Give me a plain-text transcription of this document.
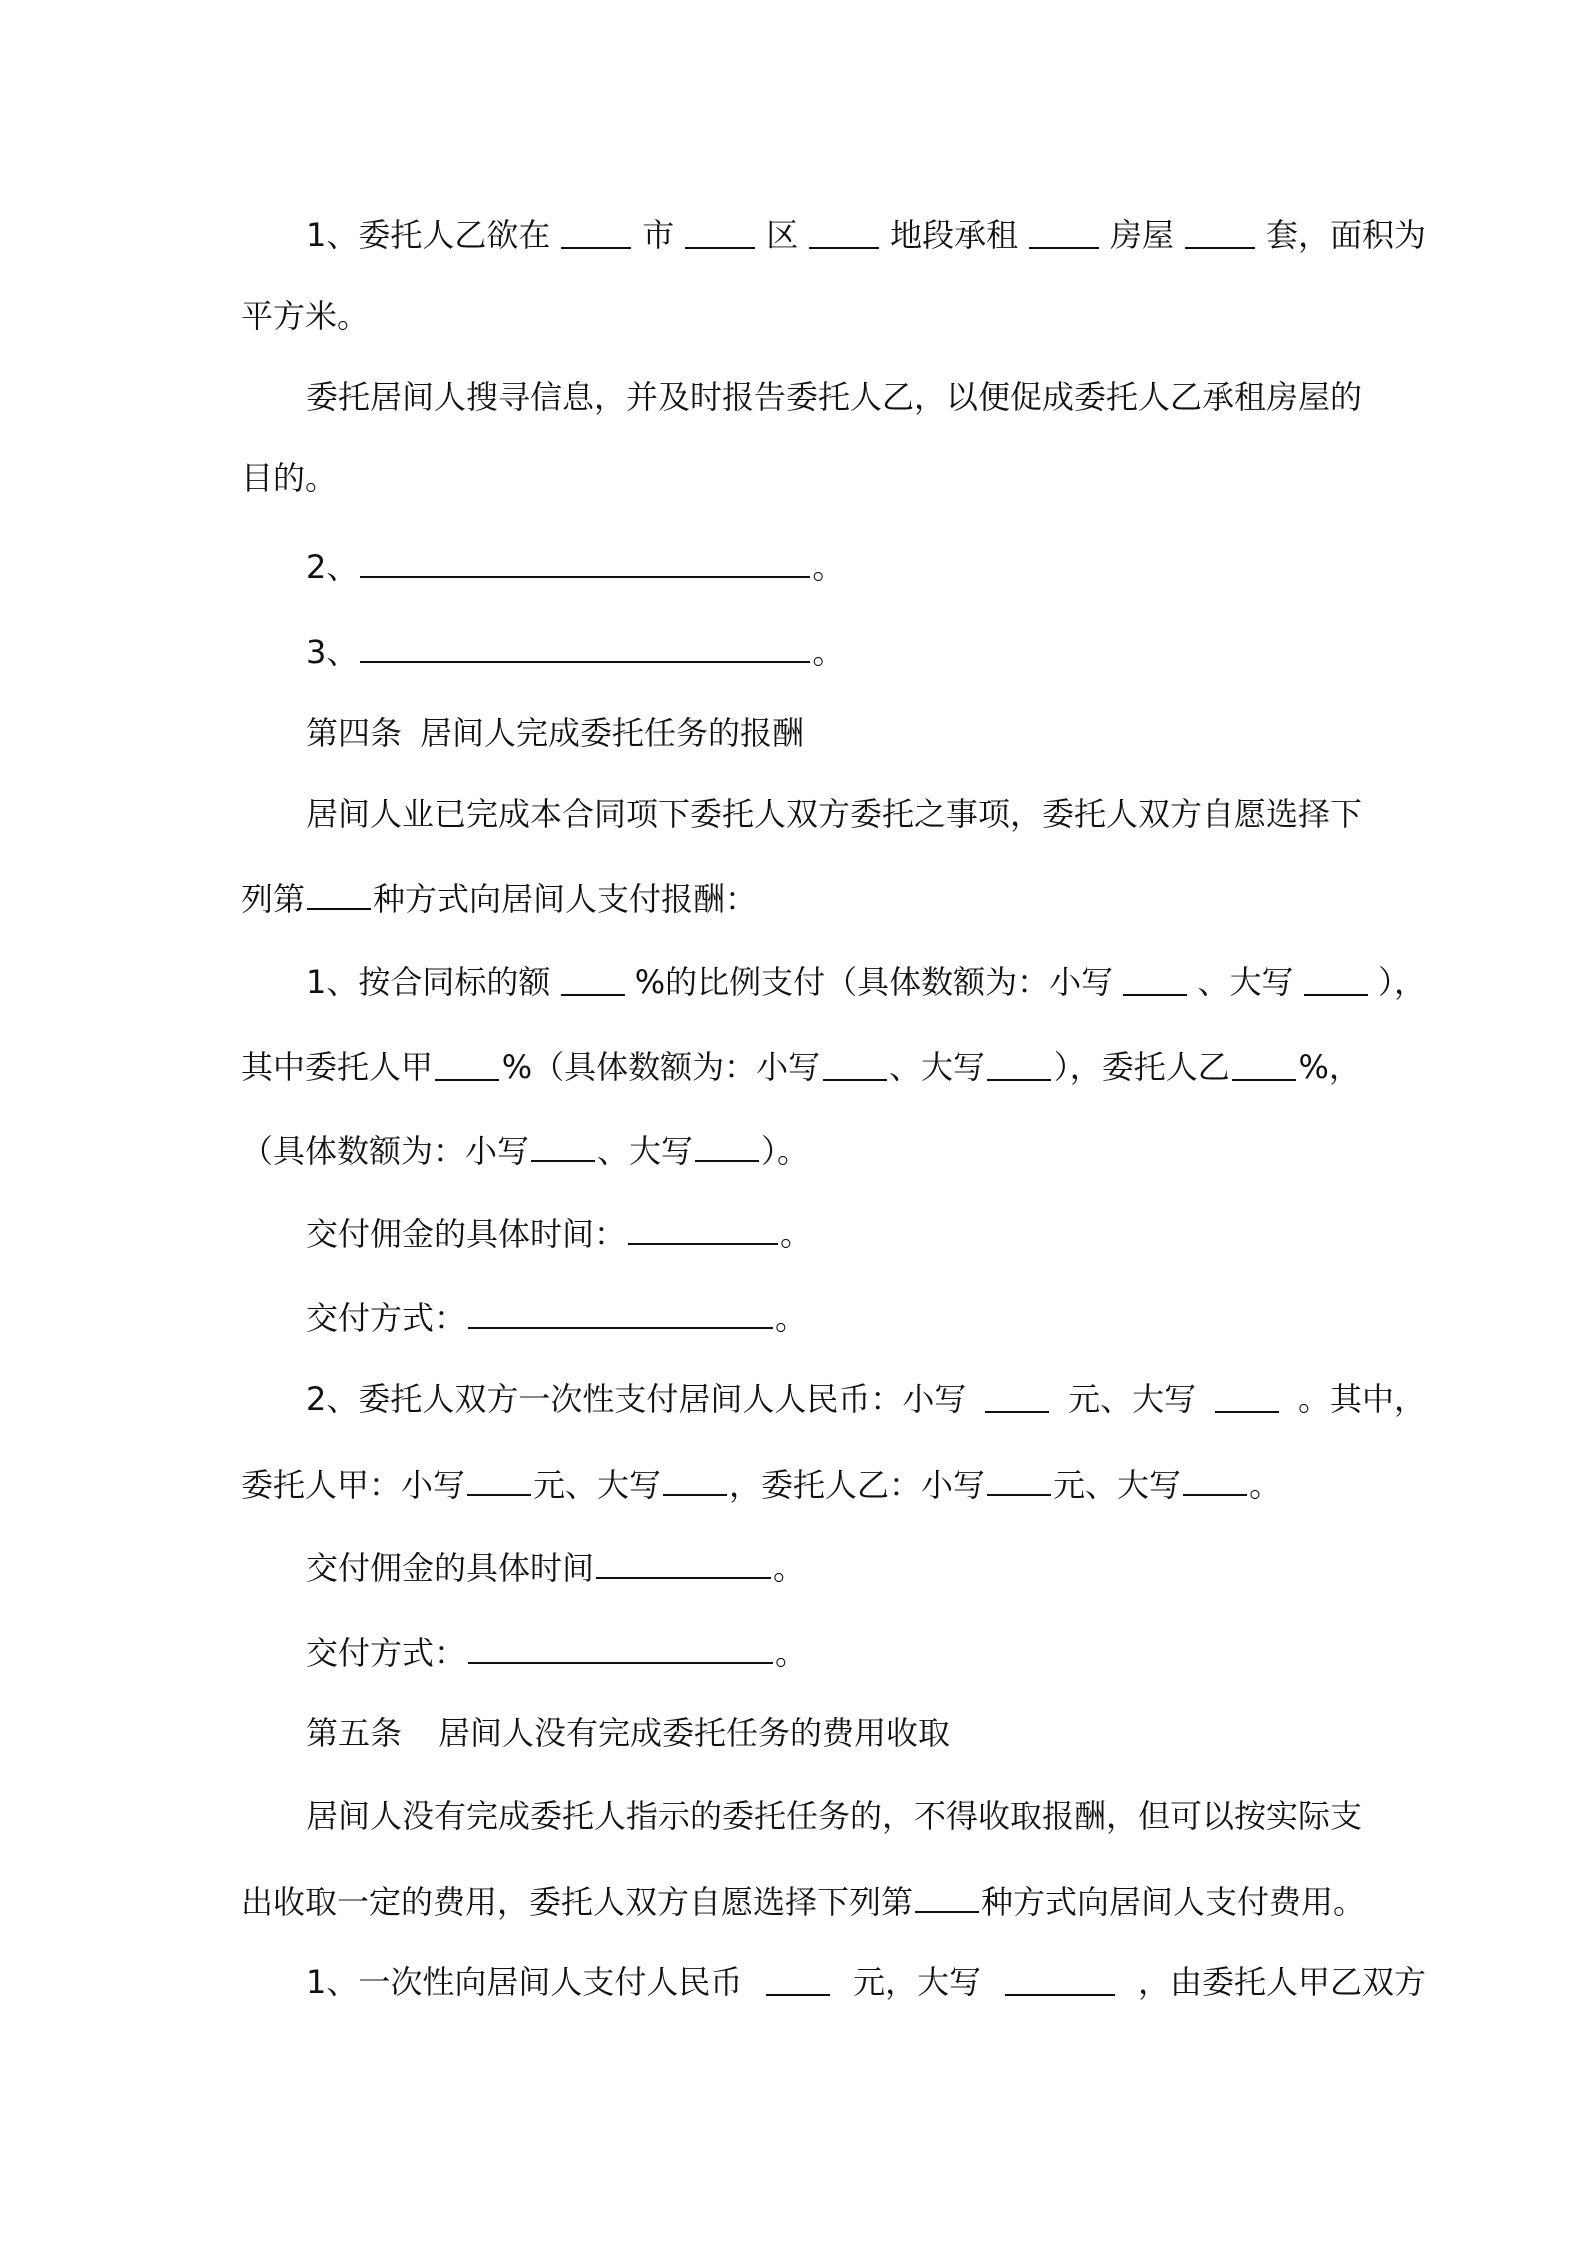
1、委托人乙欲在	市	区	地段承租	房屋	套，面积为
平方米。
委托居间人搜寻信息，并及时报告委托人乙，以便促成委托人乙承租房屋的
目的。
2、	。
3、	。
第四条 居间人完成委托任务的报酬
居间人业已完成本合同项下委托人双方委托之事项，委托人双方自愿选择下
列第 种方式向居间人支付报酬：
1、按合同标的额	%的比例支付（具体数额为：小写	、大写	），
其中委托人甲 %（具体数额为：小写 、大写 ），委托人乙 %，
（具体数额为：小写 、大写 ）。
交付佣金的具体时间：	。
交付方式：	。
2、委托人双方一次性支付居间人人民币：小写	元、大写	。其中，
委托人甲：小写 元、大写 ，委托人乙：小写 元、大写 。
交付佣金的具体时间	。
交付方式：	。
第五条 居间人没有完成委托任务的费用收取
居间人没有完成委托人指示的委托任务的，不得收取报酬，但可以按实际支
出收取一定的费用，委托人双方自愿选择下列第 种方式向居间人支付费用。
1、一次性向居间人支付人民币	元，大写	，由委托人甲乙双方
